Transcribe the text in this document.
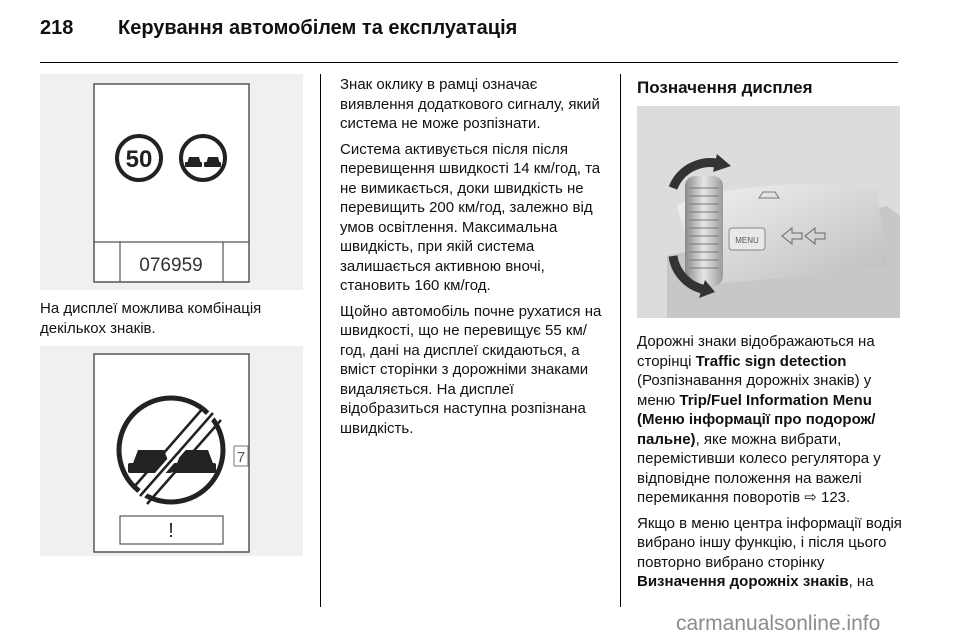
218 Керування автомобілем та експлуатація
50
076959

На дисплеї можлива комбінація декількох знаків.

7
!

Знак оклику в рамці означає виявлення додаткового сигналу, який система не може розпізнати.

Система активується після після перевищення швидкості 14 км/год, та не вимикається, доки швидкість не перевищить 200 км/год, залежно від умов освітлення. Максимальна швидкість, при якій система залишається активною вночі, становить 160 км/год.

Щойно автомобіль почне рухатися на швидкості, що не перевищує 55 км/год, дані на дисплеї скидаються, а вміст сторінки з дорожніми знаками видаляється. На дисплеї відобразиться наступна розпізнана швидкість.

Позначення дисплея
MENU

Дорожні знаки відображаються на сторінці Traffic sign detection (Розпізнавання дорожніх знаків) у меню Trip/Fuel Information Menu (Меню інформації про подорож/пальне), яке можна вибрати, перемістивши колесо регулятора у відповідне положення на важелі перемикання поворотів ⇨ 123.

Якщо в меню центра інформації водія вибрано іншу функцію, і після цього повторно вибрано сторінку Визначення дорожніх знаків, на

carmanualsonline.info
